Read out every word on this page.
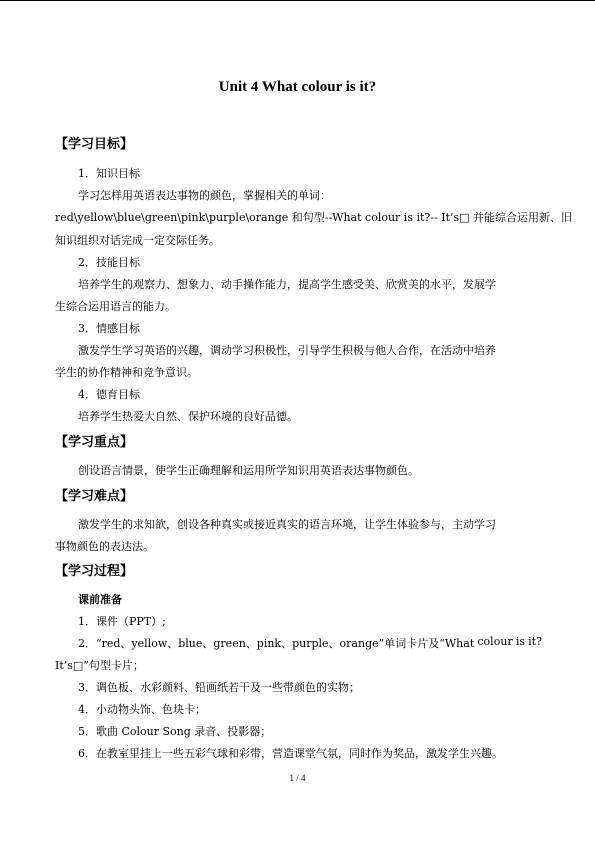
Unit 4 What colour is it?
【学习目标】
1．知识目标
学习怎样用英语表达事物的颜色，掌握相关的单词：
red\yellow\blue\green\pink\purple\orange 和句型--What colour is it?-- It’s□ 并能综合运用新、旧
知识组织对话完成一定交际任务。
2．技能目标
培养学生的观察力、想象力、动手操作能力，提高学生感受美、欣赏美的水平，发展学
生综合运用语言的能力。
3．情感目标
激发学生学习英语的兴趣，调动学习积极性，引导学生积极与他人合作，在活动中培养
学生的协作精神和竞争意识。
4．德育目标
培养学生热爱大自然、保护环境的良好品德。
【学习重点】
创设语言情景，使学生正确理解和运用所学知识用英语表达事物颜色。
【学习难点】
激发学生的求知欲，创设各种真实或接近真实的语言环境，让学生体验参与，主动学习
事物颜色的表达法。
【学习过程】
课前准备
1．课件（PPT）;
2．“red、yellow、blue、green、pink、purple、orange”单词卡片及“What colour is it?
It’s□”句型卡片；
3．调色板、水彩颜料、铅画纸若干及一些带颜色的实物；
4．小动物头饰、色块卡；
5．歌曲 Colour Song 录音、投影器；
6．在教室里挂上一些五彩气球和彩带，营造课堂气氛，同时作为奖品，激发学生兴趣。
1 / 4
